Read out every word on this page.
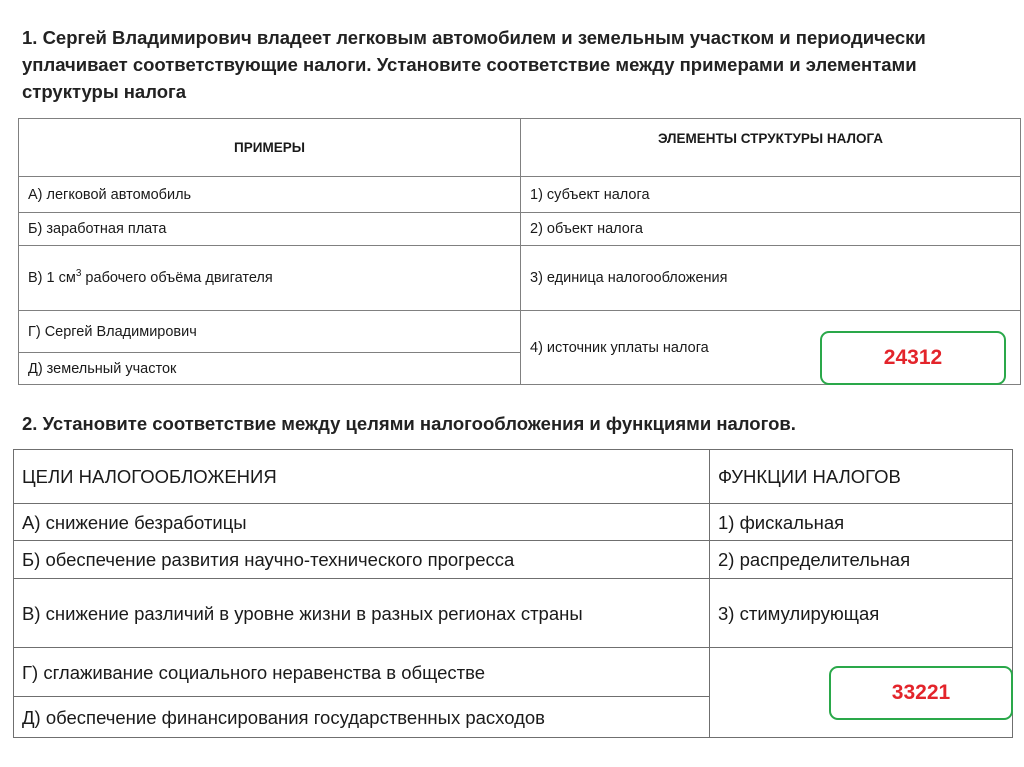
1. Сергей Владимирович владеет легковым автомобилем и земельным участком и периодически уплачивает соответствующие налоги. Установите соответствие между примерами и элементами структуры налога
ПРИМЕРЫ	ЭЛЕМЕНТЫ СТРУКТУРЫ НАЛОГА
А) легковой автомобиль	1) субъект налога
Б) заработная плата	2) объект налога
В) 1 $см^3$ рабочего объёма двигателя	3) единица налогообложения
Г) Сергей Владимирович	4) источник уплаты налога
Д) земельный участок		24312
2. Установите соответствие между целями налогообложения и функциями налогов.
ЦЕЛИ НАЛОГООБЛОЖЕНИЯ	ФУНКЦИИ НАЛОГОВ
А) снижение безработицы	1) фискальная
Б) обеспечение развития научно-технического прогресса	2) распределительная
В) снижение различий в уровне жизни в разных регионах страны	3) стимулирующая
Г) сглаживание социального неравенства в обществе	
Д) обеспечение финансирования государственных расходов	
33221
